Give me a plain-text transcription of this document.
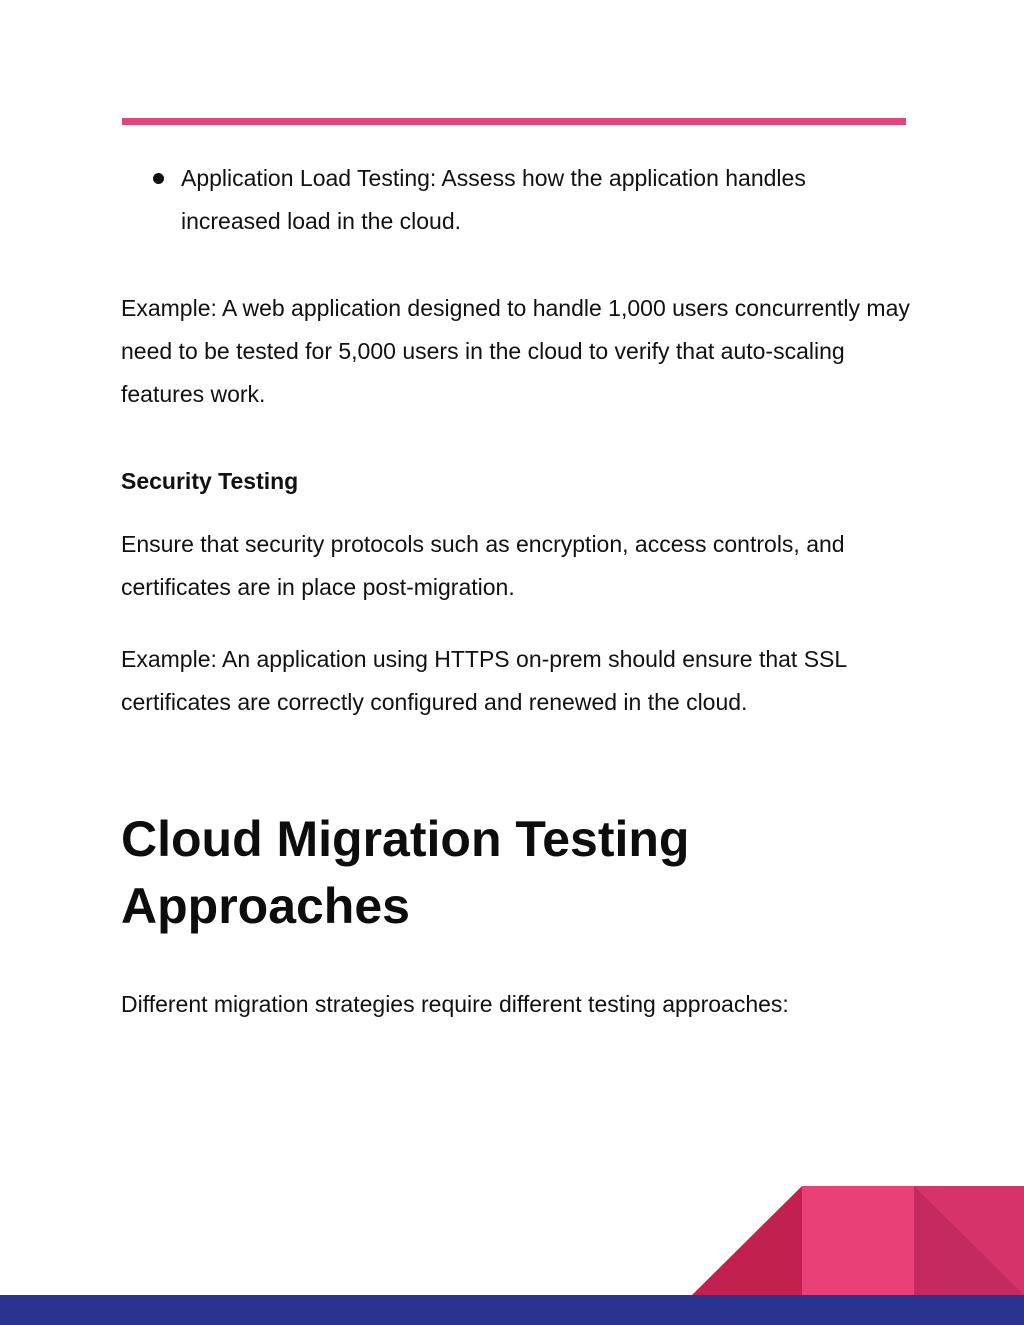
Application Load Testing: Assess how the application handles increased load in the cloud.

Example: A web application designed to handle 1,000 users concurrently may need to be tested for 5,000 users in the cloud to verify that auto-scaling features work.

Security Testing

Ensure that security protocols such as encryption, access controls, and certificates are in place post-migration.

Example: An application using HTTPS on-prem should ensure that SSL certificates are correctly configured and renewed in the cloud.

Cloud Migration Testing Approaches

Different migration strategies require different testing approaches:
